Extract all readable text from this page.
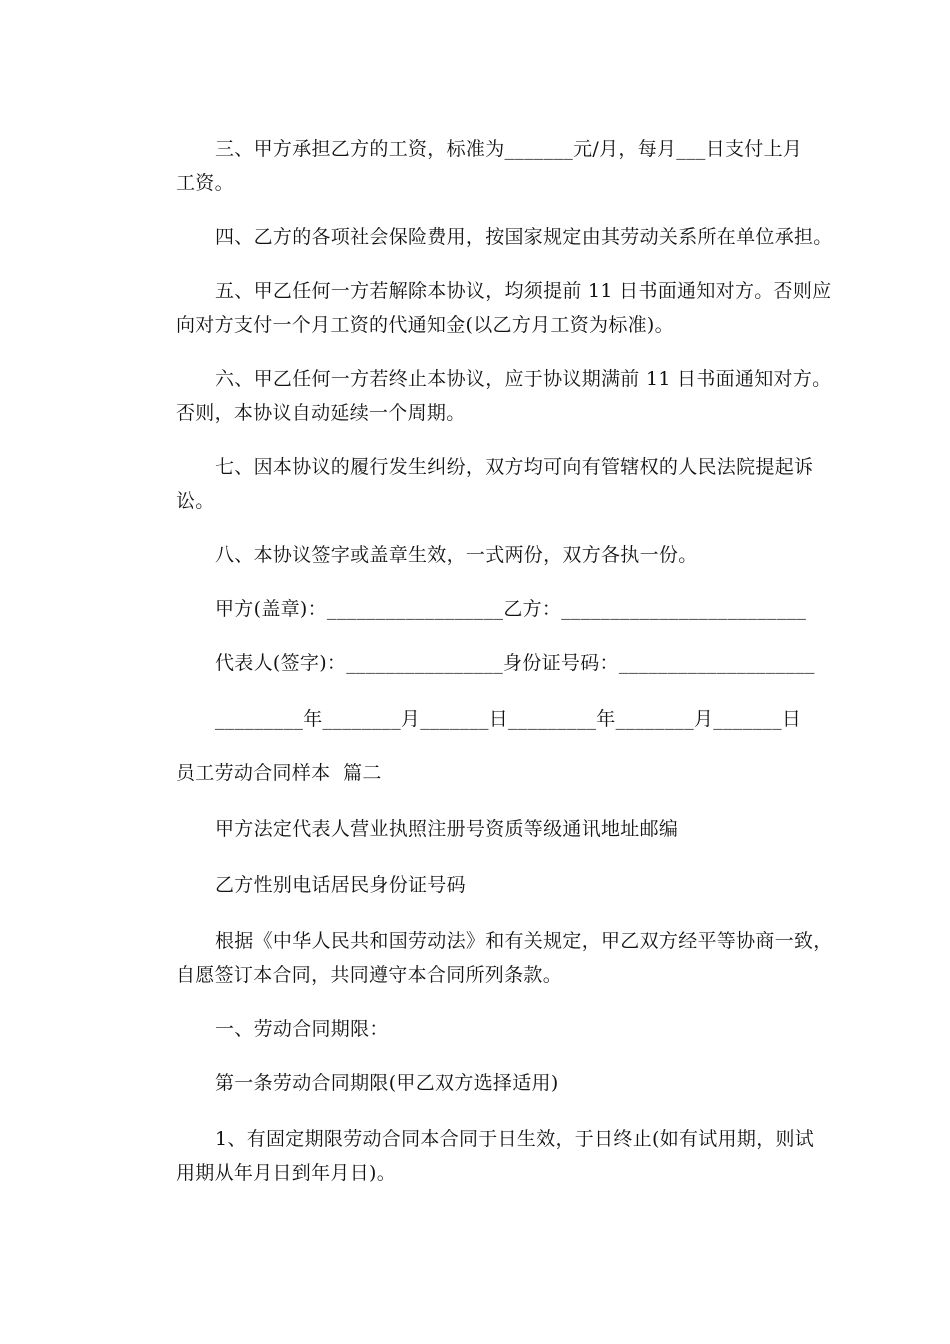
三、甲方承担乙方的工资，标准为_______元/月，每月___日支付上月
工资。
四、乙方的各项社会保险费用，按国家规定由其劳动关系所在单位承担。
五、甲乙任何一方若解除本协议，均须提前 11 日书面通知对方。否则应
向对方支付一个月工资的代通知金(以乙方月工资为标准)。
六、甲乙任何一方若终止本协议，应于协议期满前 11 日书面通知对方。
否则，本协议自动延续一个周期。
七、因本协议的履行发生纠纷，双方均可向有管辖权的人民法院提起诉
讼。
八、本协议签字或盖章生效，一式两份，双方各执一份。
甲方(盖章)：__________________乙方：_________________________
代表人(签字)：________________身份证号码：____________________
_________年________月_______日_________年________月_______日
员工劳动合同样本  篇二
甲方法定代表人营业执照注册号资质等级通讯地址邮编
乙方性别电话居民身份证号码
根据《中华人民共和国劳动法》和有关规定，甲乙双方经平等协商一致，
自愿签订本合同，共同遵守本合同所列条款。
一、劳动合同期限：
第一条劳动合同期限(甲乙双方选择适用)
1、有固定期限劳动合同本合同于日生效，于日终止(如有试用期，则试
用期从年月日到年月日)。
